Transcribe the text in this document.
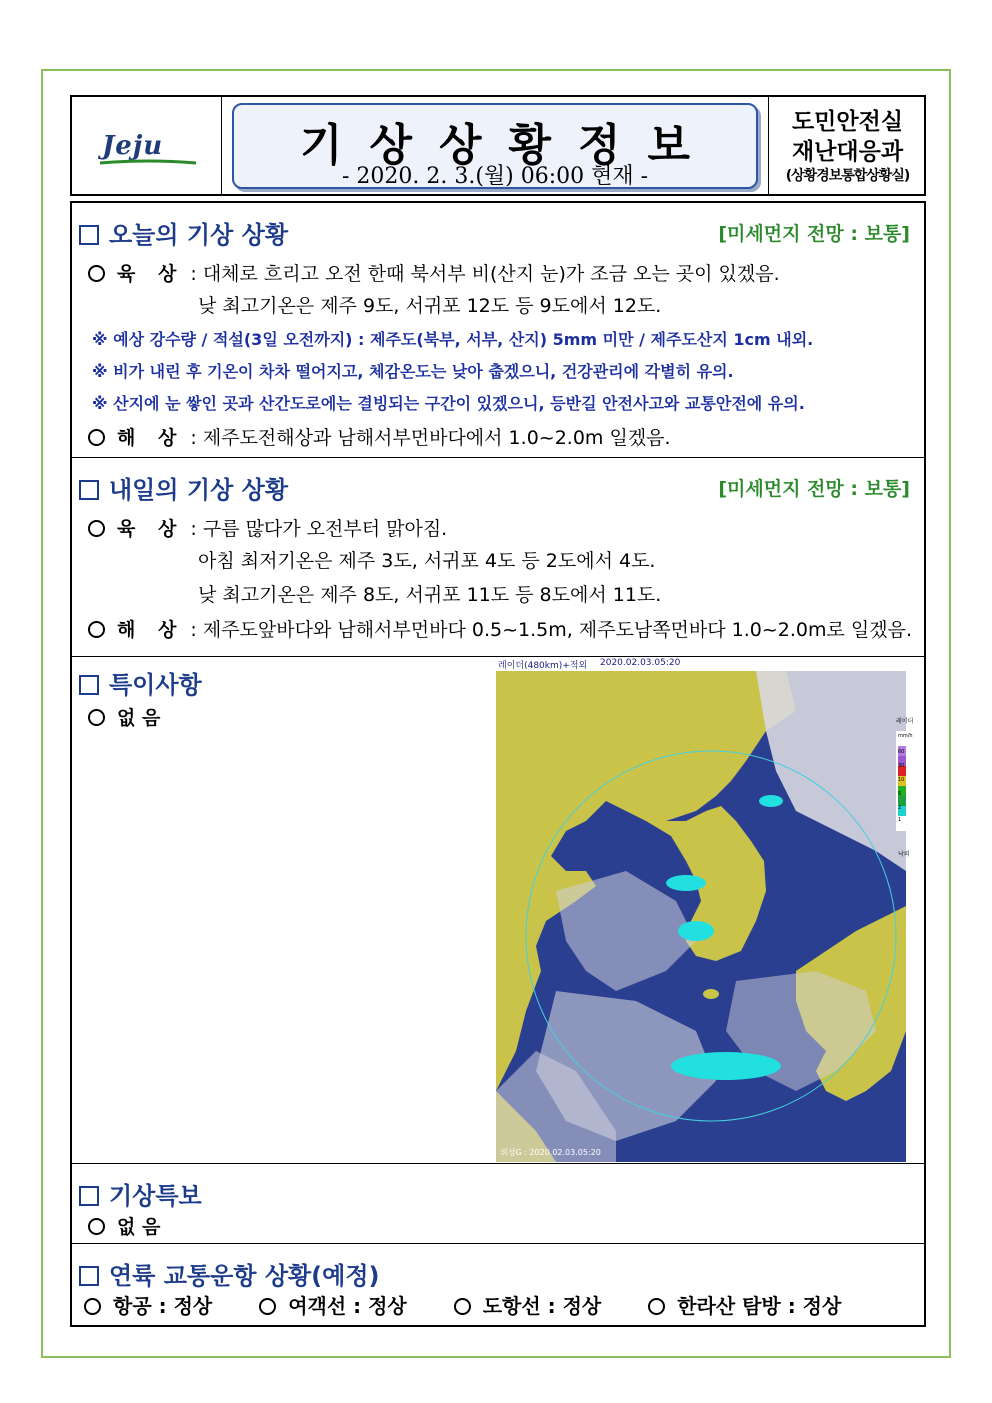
Jeju	기상상황정보
- 2020. 2. 3.(월) 06:00 현재 -
도민안전실
재난대응과
(상황경보통합상황실)
오늘의 기상 상황	[미세먼지 전망 : 보통]
육 상 : 대체로 흐리고 오전 한때 북서부 비(산지 눈)가 조금 오는 곳이 있겠음.
낮 최고기온은 제주 9도, 서귀포 12도 등 9도에서 12도.
※ 예상 강수량 / 적설(3일 오전까지) : 제주도(북부, 서부, 산지) 5mm 미만 / 제주도산지 1cm 내외.
※ 비가 내린 후 기온이 차차 떨어지고, 체감온도는 낮아 춥겠으니, 건강관리에 각별히 유의.
※ 산지에 눈 쌓인 곳과 산간도로에는 결빙되는 구간이 있겠으니, 등반길 안전사고와 교통안전에 유의.
해 상 : 제주도전해상과 남해서부먼바다에서 1.0~2.0m 일겠음.
내일의 기상 상황	[미세먼지 전망 : 보통]
육 상 : 구름 많다가 오전부터 맑아짐.
아침 최저기온은 제주 3도, 서귀포 4도 등 2도에서 4도.
낮 최고기온은 제주 8도, 서귀포 11도 등 8도에서 11도.
해 상 : 제주도앞바다와 남해서부먼바다 0.5~1.5m, 제주도남쪽먼바다 1.0~2.0m로 일겠음.
특이사항
없 음
레이더(480km)+적외 2020.02.03.05:20
레이더
mm/h
60
30
10
5
2
1
낙뢰
위성G : 2020.02.03.05:20
기상특보
없 음
연륙 교통운항 상황(예정)
항공 : 정상	여객선 : 정상	도항선 : 정상	한라산 탐방 : 정상
